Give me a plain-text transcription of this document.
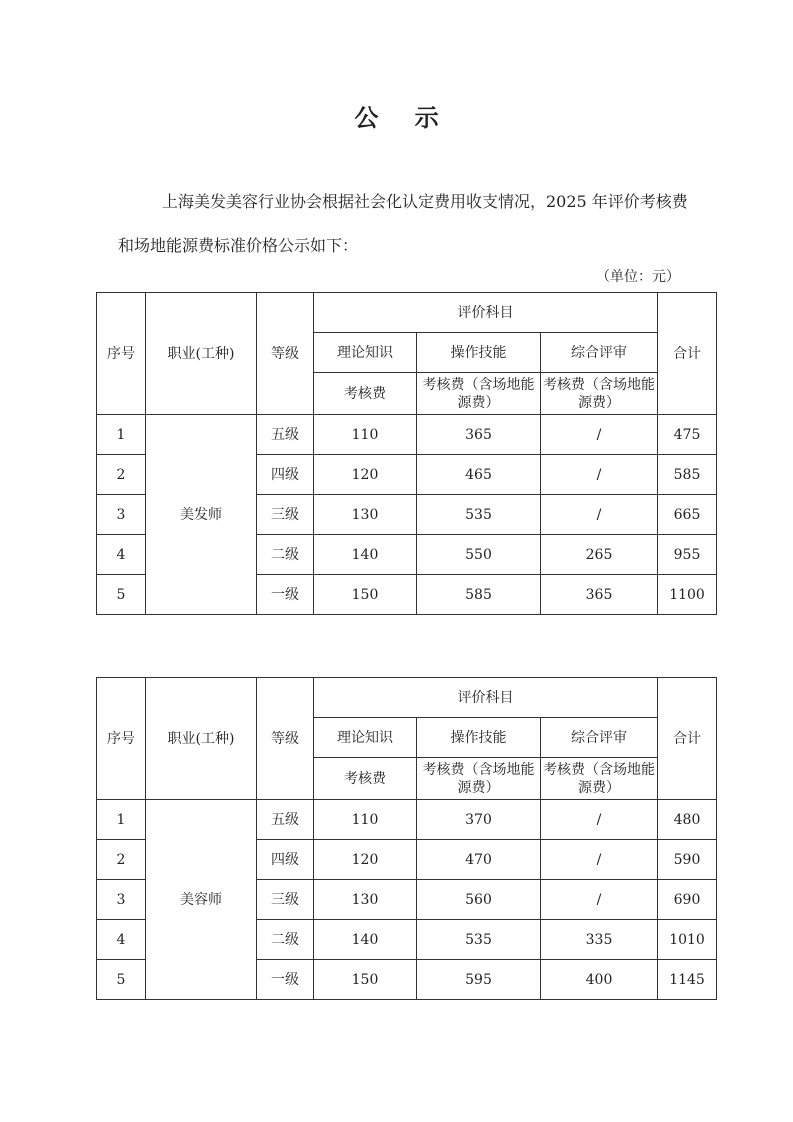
公 示
上海美发美容行业协会根据社会化认定费用收支情况，2025 年评价考核费和场地能源费标准价格公示如下：
（单位：元）
序号	职业(工种)	等级	评价科目			合计
			理论知识	操作技能	综合评审	
			考核费	考核费（含场地能源费）	考核费（含场地能源费）	
1	美发师	五级	110	365	/	475
2		四级	120	465	/	585
3		三级	130	535	/	665
4		二级	140	550	265	955
5		一级	150	585	365	1100
序号	职业(工种)	等级	评价科目			合计
			理论知识	操作技能	综合评审	
			考核费	考核费（含场地能源费）	考核费（含场地能源费）	
1	美容师	五级	110	370	/	480
2		四级	120	470	/	590
3		三级	130	560	/	690
4		二级	140	535	335	1010
5		一级	150	595	400	1145
